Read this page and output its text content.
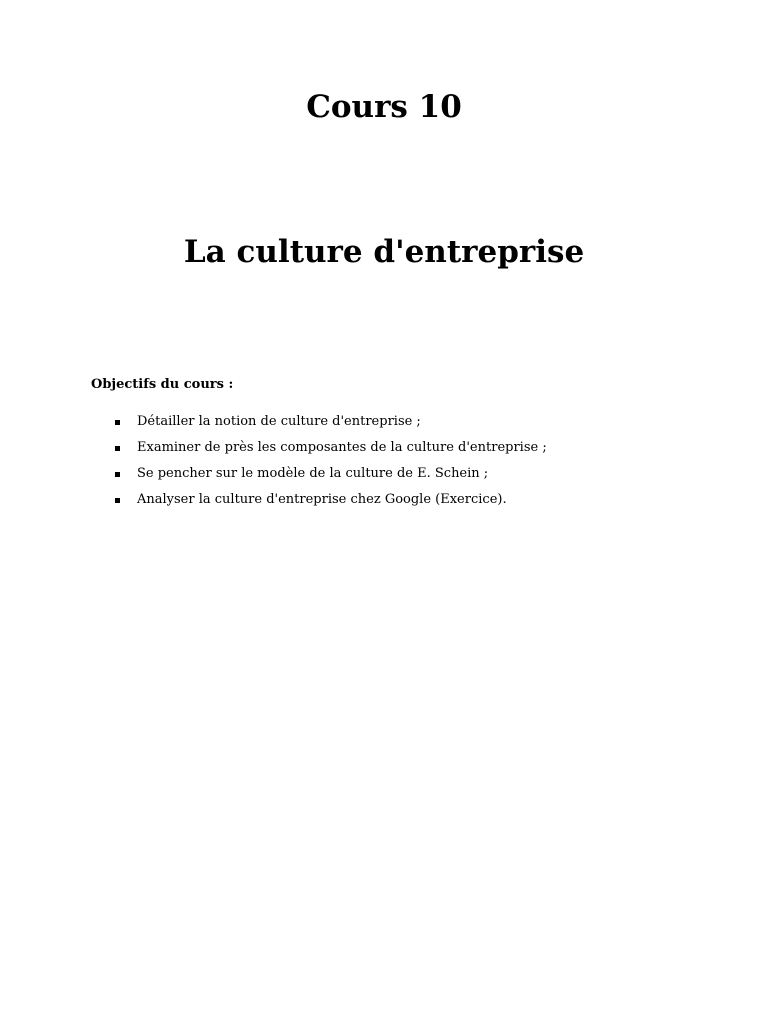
Cours 10
La culture d'entreprise

Objectifs du cours :

Détailler la notion de culture d'entreprise ;
Examiner de près les composantes de la culture d'entreprise ;
Se pencher sur le modèle de la culture de E. Schein ;
Analyser la culture d'entreprise chez Google (Exercice).
